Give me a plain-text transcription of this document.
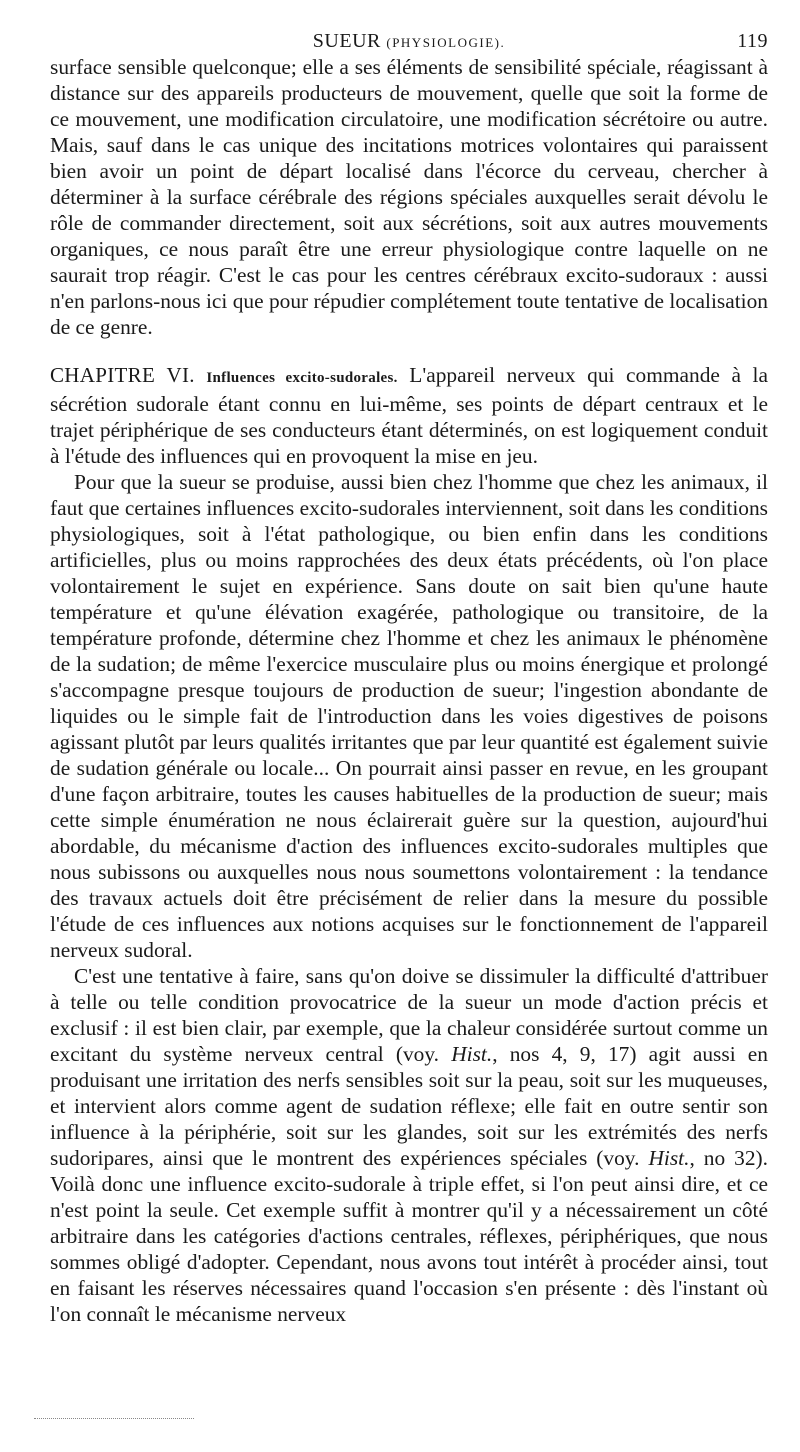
SUEUR (PHYSIOLOGIE).	119

surface sensible quelconque; elle a ses éléments de sensibilité spéciale, réagissant à distance sur des appareils producteurs de mouvement, quelle que soit la forme de ce mouvement, une modification circulatoire, une modification sécrétoire ou autre. Mais, sauf dans le cas unique des incitations motrices volontaires qui paraissent bien avoir un point de départ localisé dans l'écorce du cerveau, chercher à déterminer à la surface cérébrale des régions spéciales auxquelles serait dévolu le rôle de commander directement, soit aux sécrétions, soit aux autres mouvements organiques, ce nous paraît être une erreur physiologique contre laquelle on ne saurait trop réagir. C'est le cas pour les centres cérébraux excito-sudoraux : aussi n'en parlons-nous ici que pour répudier complétement toute tentative de localisation de ce genre.

CHAPITRE VI. Influences excito-sudorales. L'appareil nerveux qui commande à la sécrétion sudorale étant connu en lui-même, ses points de départ centraux et le trajet périphérique de ses conducteurs étant déterminés, on est logiquement conduit à l'étude des influences qui en provoquent la mise en jeu.

Pour que la sueur se produise, aussi bien chez l'homme que chez les animaux, il faut que certaines influences excito-sudorales interviennent, soit dans les conditions physiologiques, soit à l'état pathologique, ou bien enfin dans les conditions artificielles, plus ou moins rapprochées des deux états précédents, où l'on place volontairement le sujet en expérience. Sans doute on sait bien qu'une haute température et qu'une élévation exagérée, pathologique ou transitoire, de la température profonde, détermine chez l'homme et chez les animaux le phénomène de la sudation; de même l'exercice musculaire plus ou moins énergique et prolongé s'accompagne presque toujours de production de sueur; l'ingestion abondante de liquides ou le simple fait de l'introduction dans les voies digestives de poisons agissant plutôt par leurs qualités irritantes que par leur quantité est également suivie de sudation générale ou locale... On pourrait ainsi passer en revue, en les groupant d'une façon arbitraire, toutes les causes habituelles de la production de sueur; mais cette simple énumération ne nous éclairerait guère sur la question, aujourd'hui abordable, du mécanisme d'action des influences excito-sudorales multiples que nous subissons ou auxquelles nous nous soumettons volontairement : la tendance des travaux actuels doit être précisément de relier dans la mesure du possible l'étude de ces influences aux notions acquises sur le fonctionnement de l'appareil nerveux sudoral.

C'est une tentative à faire, sans qu'on doive se dissimuler la difficulté d'attribuer à telle ou telle condition provocatrice de la sueur un mode d'action précis et exclusif : il est bien clair, par exemple, que la chaleur considérée surtout comme un excitant du système nerveux central (voy. Hist., nos 4, 9, 17) agit aussi en produisant une irritation des nerfs sensibles soit sur la peau, soit sur les muqueuses, et intervient alors comme agent de sudation réflexe; elle fait en outre sentir son influence à la périphérie, soit sur les glandes, soit sur les extrémités des nerfs sudoripares, ainsi que le montrent des expériences spéciales (voy. Hist., no 32). Voilà donc une influence excito-sudorale à triple effet, si l'on peut ainsi dire, et ce n'est point la seule. Cet exemple suffit à montrer qu'il y a nécessairement un côté arbitraire dans les catégories d'actions centrales, réflexes, périphériques, que nous sommes obligé d'adopter. Cependant, nous avons tout intérêt à procéder ainsi, tout en faisant les réserves nécessaires quand l'occasion s'en présente : dès l'instant où l'on connaît le mécanisme nerveux
